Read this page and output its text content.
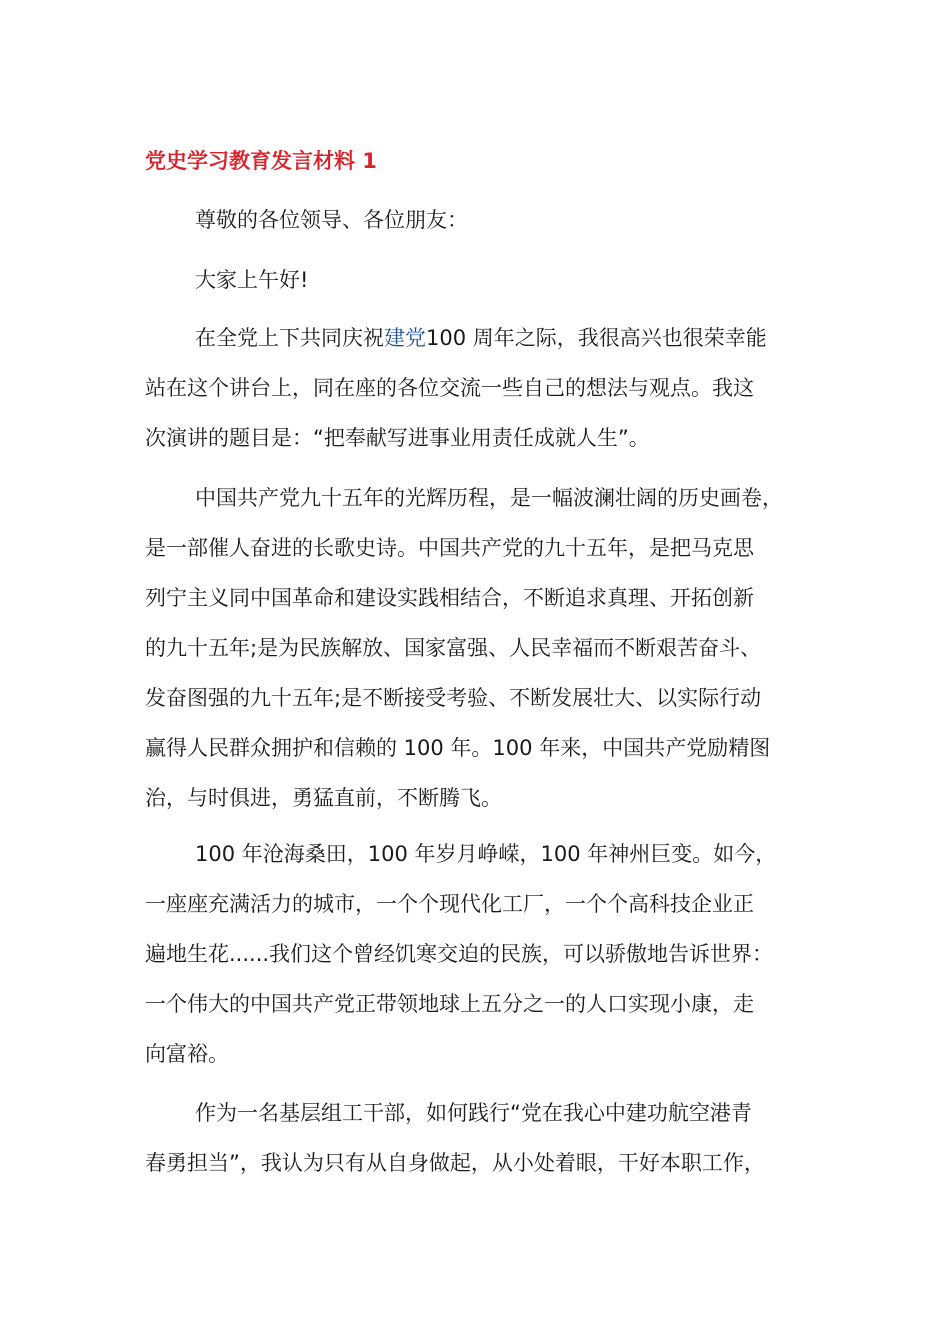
党史学习教育发言材料 1
尊敬的各位领导、各位朋友：
大家上午好!
在全党上下共同庆祝建党100 周年之际，我很高兴也很荣幸能
站在这个讲台上，同在座的各位交流一些自己的想法与观点。我这
次演讲的题目是：“把奉献写进事业用责任成就人生”。
中国共产党九十五年的光辉历程，是一幅波澜壮阔的历史画卷，
是一部催人奋进的长歌史诗。中国共产党的九十五年，是把马克思
列宁主义同中国革命和建设实践相结合，不断追求真理、开拓创新
的九十五年;是为民族解放、国家富强、人民幸福而不断艰苦奋斗、
发奋图强的九十五年;是不断接受考验、不断发展壮大、以实际行动
赢得人民群众拥护和信赖的 100 年。100 年来，中国共产党励精图
治，与时俱进，勇猛直前，不断腾飞。
100 年沧海桑田，100 年岁月峥嵘，100 年神州巨变。如今，
一座座充满活力的城市，一个个现代化工厂，一个个高科技企业正
遍地生花......我们这个曾经饥寒交迫的民族，可以骄傲地告诉世界：
一个伟大的中国共产党正带领地球上五分之一的人口实现小康，走
向富裕。
作为一名基层组工干部，如何践行“党在我心中建功航空港青
春勇担当”，我认为只有从自身做起，从小处着眼，干好本职工作，
